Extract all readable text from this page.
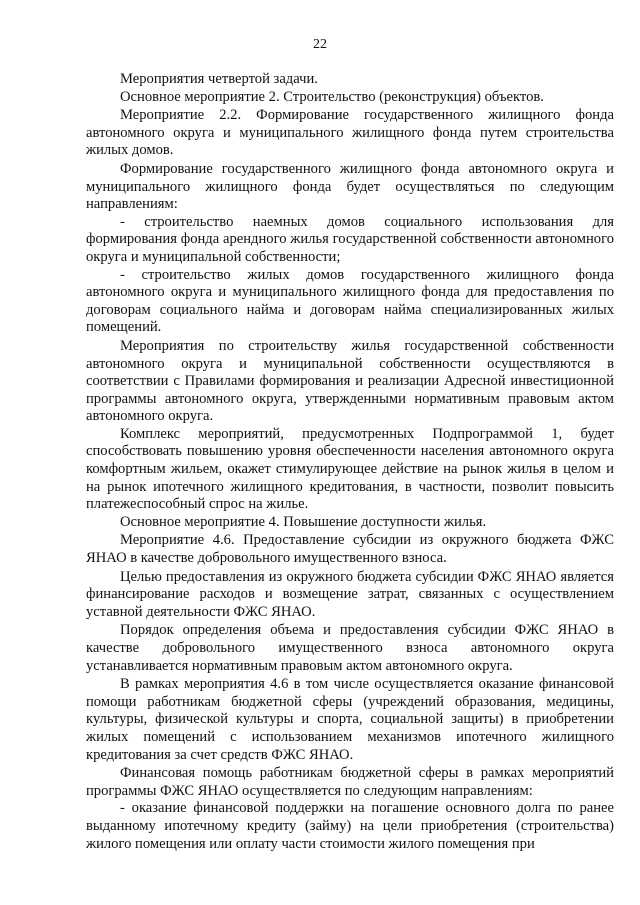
22

Мероприятия четвертой задачи.

Основное мероприятие 2. Строительство (реконструкция) объектов.

Мероприятие 2.2. Формирование государственного жилищного фонда автономного округа и муниципального жилищного фонда путем строительства жилых домов.

Формирование государственного жилищного фонда автономного округа и муниципального жилищного фонда будет осуществляться по следующим направлениям:

- строительство наемных домов социального использования для формирования фонда арендного жилья государственной собственности автономного округа и муниципальной собственности;

- строительство жилых домов государственного жилищного фонда автономного округа и муниципального жилищного фонда для предоставления по договорам социального найма и договорам найма специализированных жилых помещений.

Мероприятия по строительству жилья государственной собственности автономного округа и муниципальной собственности осуществляются в соответствии с Правилами формирования и реализации Адресной инвестиционной программы автономного округа, утвержденными нормативным правовым актом автономного округа.

Комплекс мероприятий, предусмотренных Подпрограммой 1, будет способствовать повышению уровня обеспеченности населения автономного округа комфортным жильем, окажет стимулирующее действие на рынок жилья в целом и на рынок ипотечного жилищного кредитования, в частности, позволит повысить платежеспособный спрос на жилье.

Основное мероприятие 4. Повышение доступности жилья.

Мероприятие 4.6. Предоставление субсидии из окружного бюджета ФЖС ЯНАО в качестве добровольного имущественного взноса.

Целью предоставления из окружного бюджета субсидии ФЖС ЯНАО является финансирование расходов и возмещение затрат, связанных с осуществлением уставной деятельности ФЖС ЯНАО.

Порядок определения объема и предоставления субсидии ФЖС ЯНАО в качестве добровольного имущественного взноса автономного округа устанавливается нормативным правовым актом автономного округа.

В рамках мероприятия 4.6 в том числе осуществляется оказание финансовой помощи работникам бюджетной сферы (учреждений образования, медицины, культуры, физической культуры и спорта, социальной защиты) в приобретении жилых помещений с использованием механизмов ипотечного жилищного кредитования за счет средств ФЖС ЯНАО.

Финансовая помощь работникам бюджетной сферы в рамках мероприятий программы ФЖС ЯНАО осуществляется по следующим направлениям:

- оказание финансовой поддержки на погашение основного долга по ранее выданному ипотечному кредиту (займу) на цели приобретения (строительства) жилого помещения или оплату части стоимости жилого помещения при
